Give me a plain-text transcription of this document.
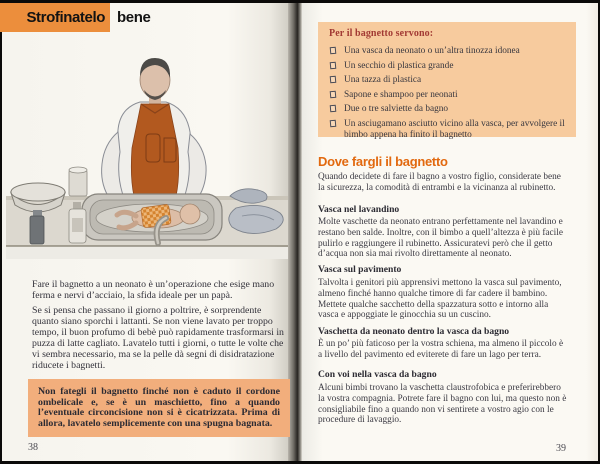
Strofinatelo bene

Fare il bagnetto a un neonato è un’operazione che esige mano ferma e nervi d’acciaio, la sfida ideale per un papà.

Se si pensa che passano il giorno a poltrire, è sorprendente quanto siano sporchi i lattanti. Se non viene lavato per troppo tempo, il buon profumo di bebè può rapidamente trasformarsi in puzza di latte cagliato. Lavatelo tutti i giorni, o tutte le volte che vi sembra necessario, ma se la pelle dà segni di disidratazione riducete i bagnetti.

Non fategli il bagnetto finché non è caduto il cordone ombelicale e, se è un maschietto, fino a quando l’eventuale circoncisione non si è cicatrizzata. Prima di allora, lavatelo semplicemente con una spugna bagnata.
38	39
Per il bagnetto servono:
Una vasca da neonato o un’altra tinozza idonea
Un secchio di plastica grande
Una tazza di plastica
Sapone e shampoo per neonati
Due o tre salviette da bagno
Un asciugamano asciutto vicino alla vasca, per avvolgere il bimbo appena ha finito il bagnetto
Dove fargli il bagnetto

Quando decidete di fare il bagno a vostro figlio, considerate bene la sicurezza, la comodità di entrambi e la vicinanza al rubinetto.

Vasca nel lavandino

Molte vaschette da neonato entrano perfettamente nel lavandino e restano ben salde. Inoltre, con il bimbo a quell’altezza è più facile pulirlo e raggiungere il rubinetto. Assicuratevi però che il getto d’acqua non sia mai rivolto direttamente al neonato.

Vasca sul pavimento

Talvolta i genitori più apprensivi mettono la vasca sul pavimento, almeno finché hanno qualche timore di far cadere il bambino. Mettete qualche sacchetto della spazzatura sotto e intorno alla vasca e appoggiate le ginocchia su un cuscino.

Vaschetta da neonato dentro la vasca da bagno

È un po’ più faticoso per la vostra schiena, ma almeno il piccolo è a livello del pavimento ed eviterete di fare un lago per terra.

Con voi nella vasca da bagno

Alcuni bimbi trovano la vaschetta claustrofobica e preferirebbero la vostra compagnia. Potrete fare il bagno con lui, ma questo non è consigliabile fino a quando non vi sentirete a vostro agio con le procedure di lavaggio.
